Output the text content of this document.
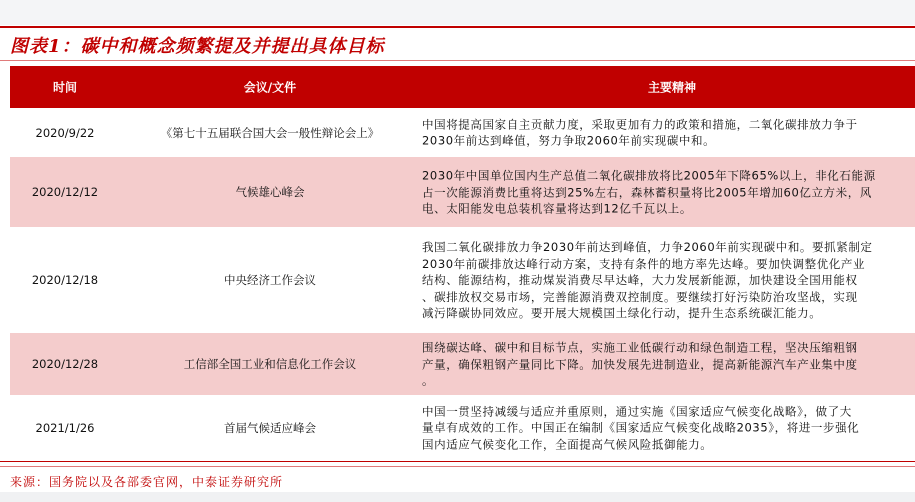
图表1：碳中和概念频繁提及并提出具体目标
时间	会议/文件	主要精神
2020/9/22	《第七十五届联合国大会一般性辩论会上》
中国将提高国家自主贡献力度，采取更加有力的政策和措施，二氧化碳排放力争于
2030年前达到峰值，努力争取2060年前实现碳中和。
2020/12/12	气候雄心峰会
2030年中国单位国内生产总值二氧化碳排放将比2005年下降65%以上，非化石能源
占一次能源消费比重将达到25%左右，森林蓄积量将比2005年增加60亿立方米，风
电、太阳能发电总装机容量将达到12亿千瓦以上。
2020/12/18	中央经济工作会议
我国二氧化碳排放力争2030年前达到峰值，力争2060年前实现碳中和。要抓紧制定
2030年前碳排放达峰行动方案，支持有条件的地方率先达峰。要加快调整优化产业
结构、能源结构，推动煤炭消费尽早达峰，大力发展新能源，加快建设全国用能权
、碳排放权交易市场，完善能源消费双控制度。要继续打好污染防治攻坚战，实现
减污降碳协同效应。要开展大规模国土绿化行动，提升生态系统碳汇能力。
2020/12/28	工信部全国工业和信息化工作会议
围绕碳达峰、碳中和目标节点，实施工业低碳行动和绿色制造工程，坚决压缩粗钢
产量，确保粗钢产量同比下降。加快发展先进制造业，提高新能源汽车产业集中度
。
2021/1/26	首届气候适应峰会
中国一贯坚持减缓与适应并重原则，通过实施《国家适应气候变化战略》，做了大
量卓有成效的工作。中国正在编制《国家适应气候变化战略2035》，将进一步强化
国内适应气候变化工作，全面提高气候风险抵御能力。
来源：国务院以及各部委官网，中泰证券研究所
